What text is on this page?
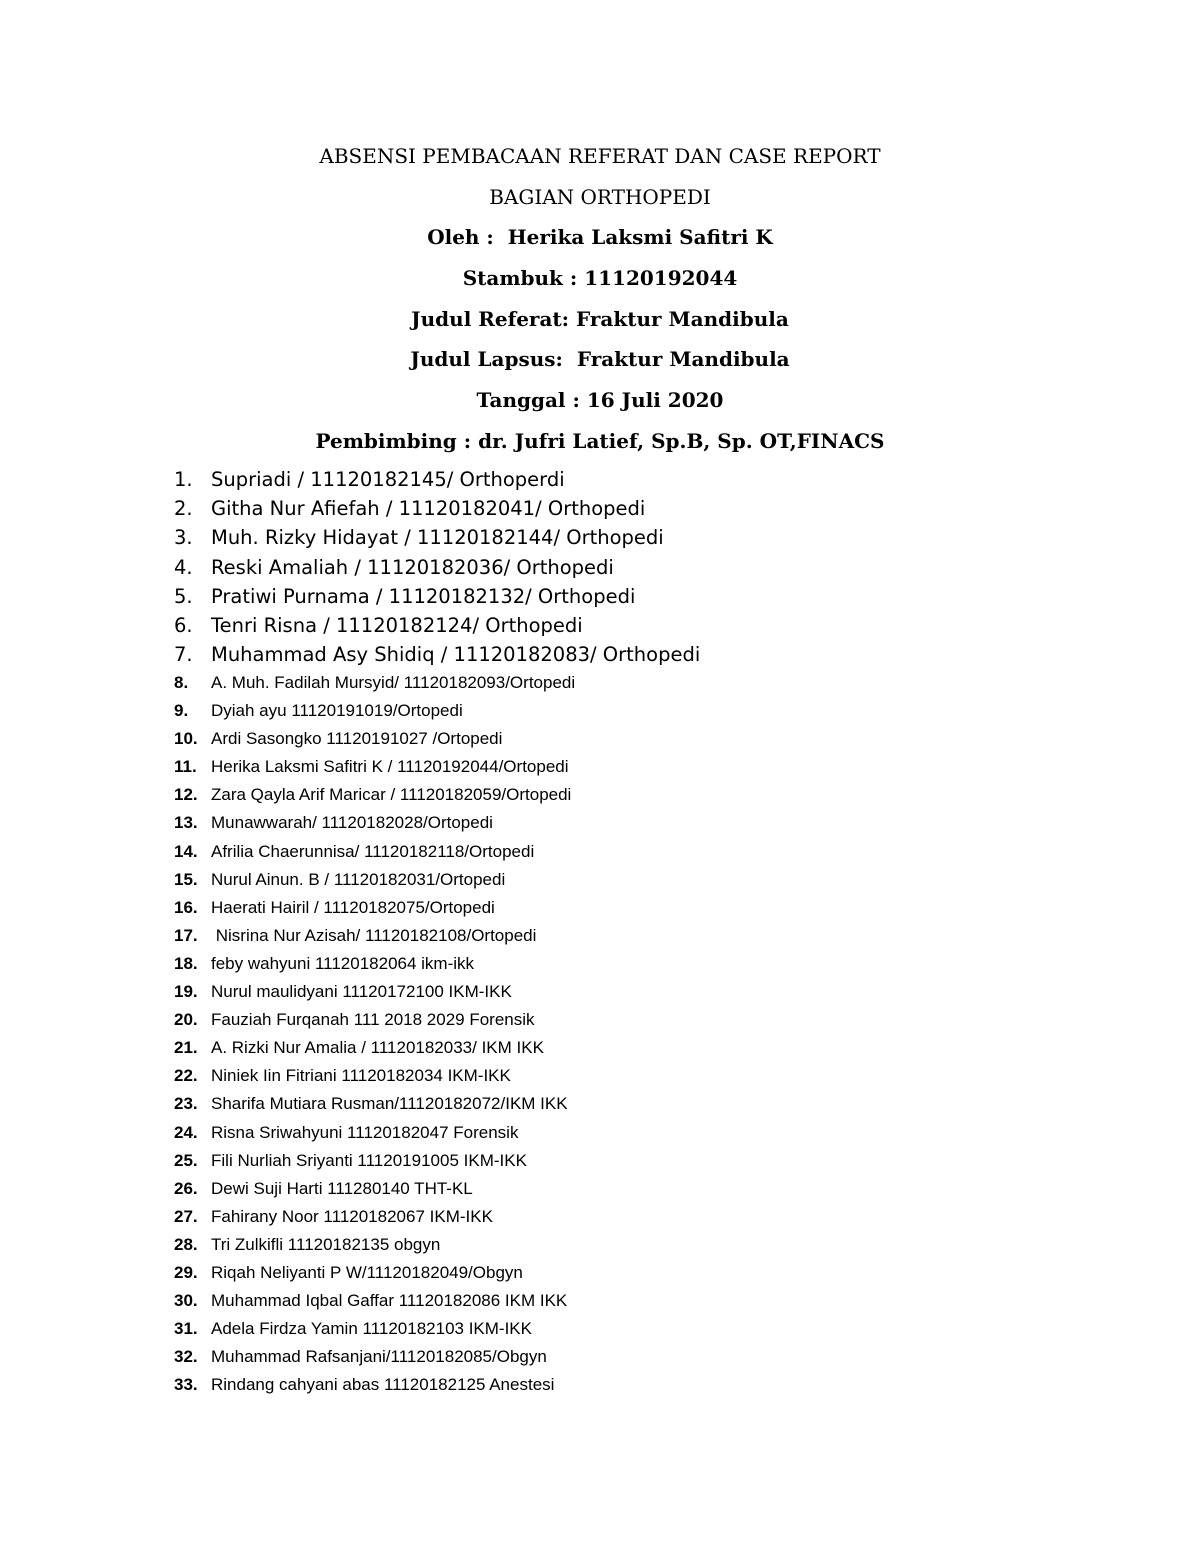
ABSENSI PEMBACAAN REFERAT DAN CASE REPORT
BAGIAN ORTHOPEDI
Oleh :  Herika Laksmi Safitri K
Stambuk : 11120192044
Judul Referat: Fraktur Mandibula
Judul Lapsus:  Fraktur Mandibula
Tanggal : 16 Juli 2020
Pembimbing : dr. Jufri Latief, Sp.B, Sp. OT,FINACS
1. Supriadi / 11120182145/ Orthoperdi
2. Githa Nur Afiefah / 11120182041/ Orthopedi
3. Muh. Rizky Hidayat / 11120182144/ Orthopedi
4. Reski Amaliah / 11120182036/ Orthopedi
5. Pratiwi Purnama / 11120182132/ Orthopedi
6. Tenri Risna / 11120182124/ Orthopedi
7. Muhammad Asy Shidiq / 11120182083/ Orthopedi
8. A. Muh. Fadilah Mursyid/ 11120182093/Ortopedi
9. Dyiah ayu 11120191019/Ortopedi
10. Ardi Sasongko 11120191027 /Ortopedi
11. Herika Laksmi Safitri K / 11120192044/Ortopedi
12. Zara Qayla Arif Maricar / 11120182059/Ortopedi
13. Munawwarah/ 11120182028/Ortopedi
14. Afrilia Chaerunnisa/ 11120182118/Ortopedi
15. Nurul Ainun. B / 11120182031/Ortopedi
16. Haerati Hairil / 11120182075/Ortopedi
17. Nisrina Nur Azisah/ 11120182108/Ortopedi
18. feby wahyuni 11120182064 ikm-ikk
19. Nurul maulidyani 11120172100 IKM-IKK
20. Fauziah Furqanah 111 2018 2029 Forensik
21. A. Rizki Nur Amalia / 11120182033/ IKM IKK
22. Niniek Iin Fitriani 11120182034 IKM-IKK
23. Sharifa Mutiara Rusman/11120182072/IKM IKK
24. Risna Sriwahyuni 11120182047 Forensik
25. Fili Nurliah Sriyanti 11120191005 IKM-IKK
26. Dewi Suji Harti 111280140 THT-KL
27. Fahirany Noor 11120182067 IKM-IKK
28. Tri Zulkifli 11120182135 obgyn
29. Riqah Neliyanti P W/11120182049/Obgyn
30. Muhammad Iqbal Gaffar 11120182086 IKM IKK
31. Adela Firdza Yamin 11120182103 IKM-IKK
32. Muhammad Rafsanjani/11120182085/Obgyn
33. Rindang cahyani abas 11120182125 Anestesi
